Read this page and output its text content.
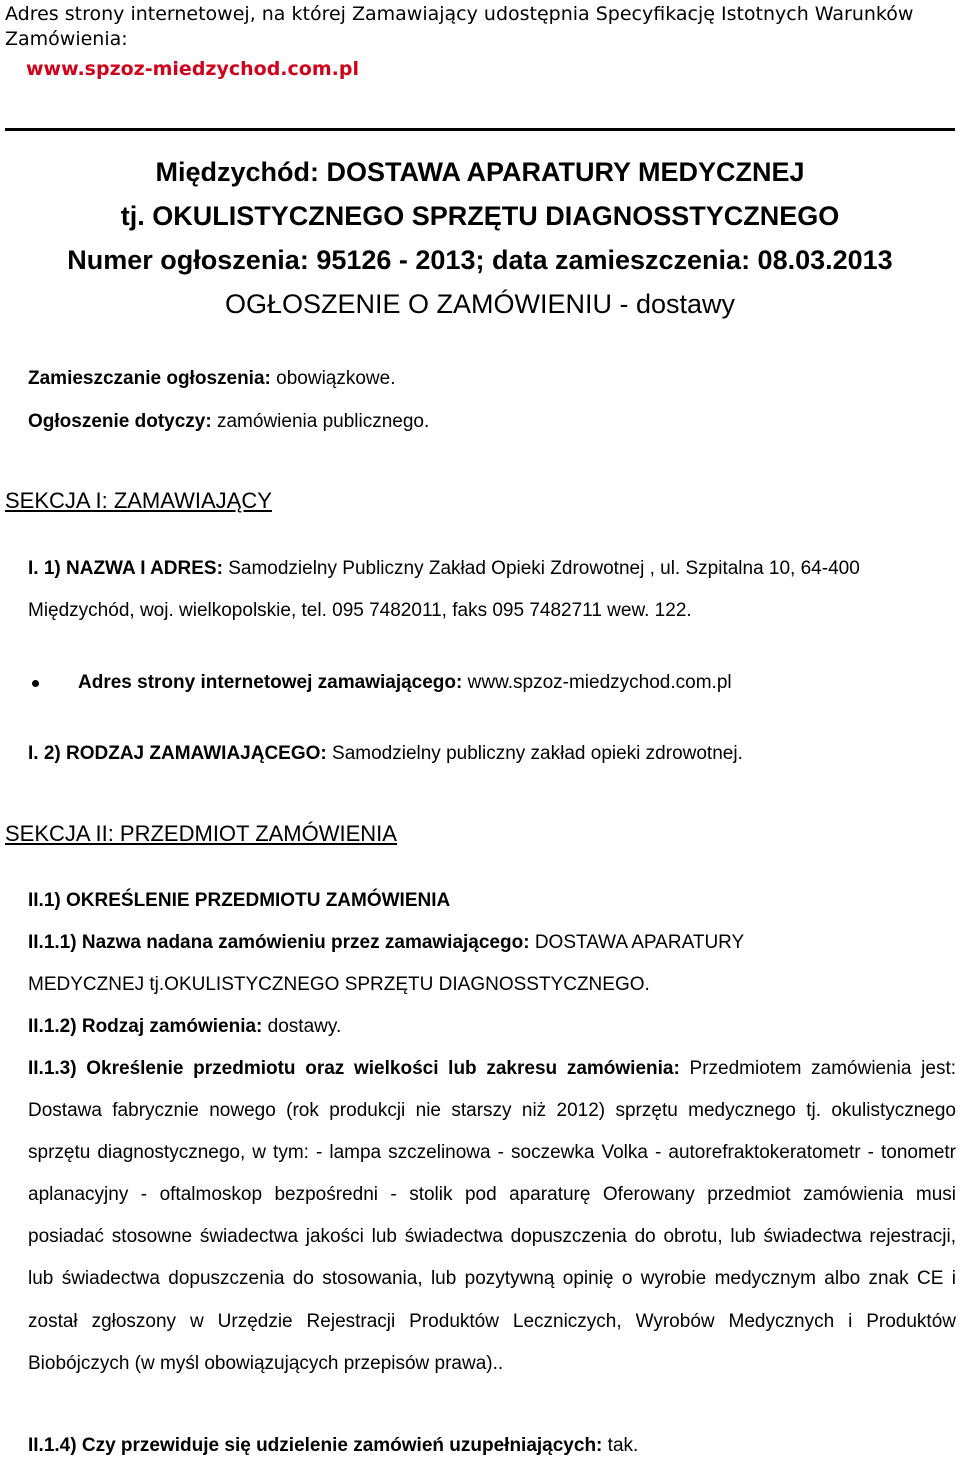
Adres strony internetowej, na której Zamawiający udostępnia Specyfikację Istotnych Warunków Zamówienia:
www.spzoz-miedzychod.com.pl
Międzychód: DOSTAWA APARATURY MEDYCZNEJ
tj. OKULISTYCZNEGO SPRZĘTU DIAGNOSSTYCZNEGO
Numer ogłoszenia: 95126 - 2013; data zamieszczenia: 08.03.2013
OGŁOSZENIE O ZAMÓWIENIU - dostawy
Zamieszczanie ogłoszenia: obowiązkowe.
Ogłoszenie dotyczy: zamówienia publicznego.
SEKCJA I: ZAMAWIAJĄCY
I. 1) NAZWA I ADRES: Samodzielny Publiczny Zakład Opieki Zdrowotnej , ul. Szpitalna 10, 64-400
Międzychód, woj. wielkopolskie, tel. 095 7482011, faks 095 7482711 wew. 122.
Adres strony internetowej zamawiającego: www.spzoz-miedzychod.com.pl
I. 2) RODZAJ ZAMAWIAJĄCEGO: Samodzielny publiczny zakład opieki zdrowotnej.
SEKCJA II: PRZEDMIOT ZAMÓWIENIA
II.1) OKREŚLENIE PRZEDMIOTU ZAMÓWIENIA
II.1.1) Nazwa nadana zamówieniu przez zamawiającego: DOSTAWA APARATURY
MEDYCZNEJ tj.OKULISTYCZNEGO SPRZĘTU DIAGNOSSTYCZNEGO.
II.1.2) Rodzaj zamówienia: dostawy.
II.1.3) Określenie przedmiotu oraz wielkości lub zakresu zamówienia: Przedmiotem zamówienia jest: Dostawa fabrycznie nowego (rok produkcji nie starszy niż 2012) sprzętu medycznego tj. okulistycznego sprzętu diagnostycznego, w tym: - lampa szczelinowa - soczewka Volka - autorefraktokeratometr - tonometr aplanacyjny - oftalmoskop bezpośredni - stolik pod aparaturę Oferowany przedmiot zamówienia musi posiadać stosowne świadectwa jakości lub świadectwa dopuszczenia do obrotu, lub świadectwa rejestracji, lub świadectwa dopuszczenia do stosowania, lub pozytywną opinię o wyrobie medycznym albo znak CE i został zgłoszony w Urzędzie Rejestracji Produktów Leczniczych, Wyrobów Medycznych i Produktów Biobójczych (w myśl obowiązujących przepisów prawa)..
II.1.4) Czy przewiduje się udzielenie zamówień uzupełniających: tak.
